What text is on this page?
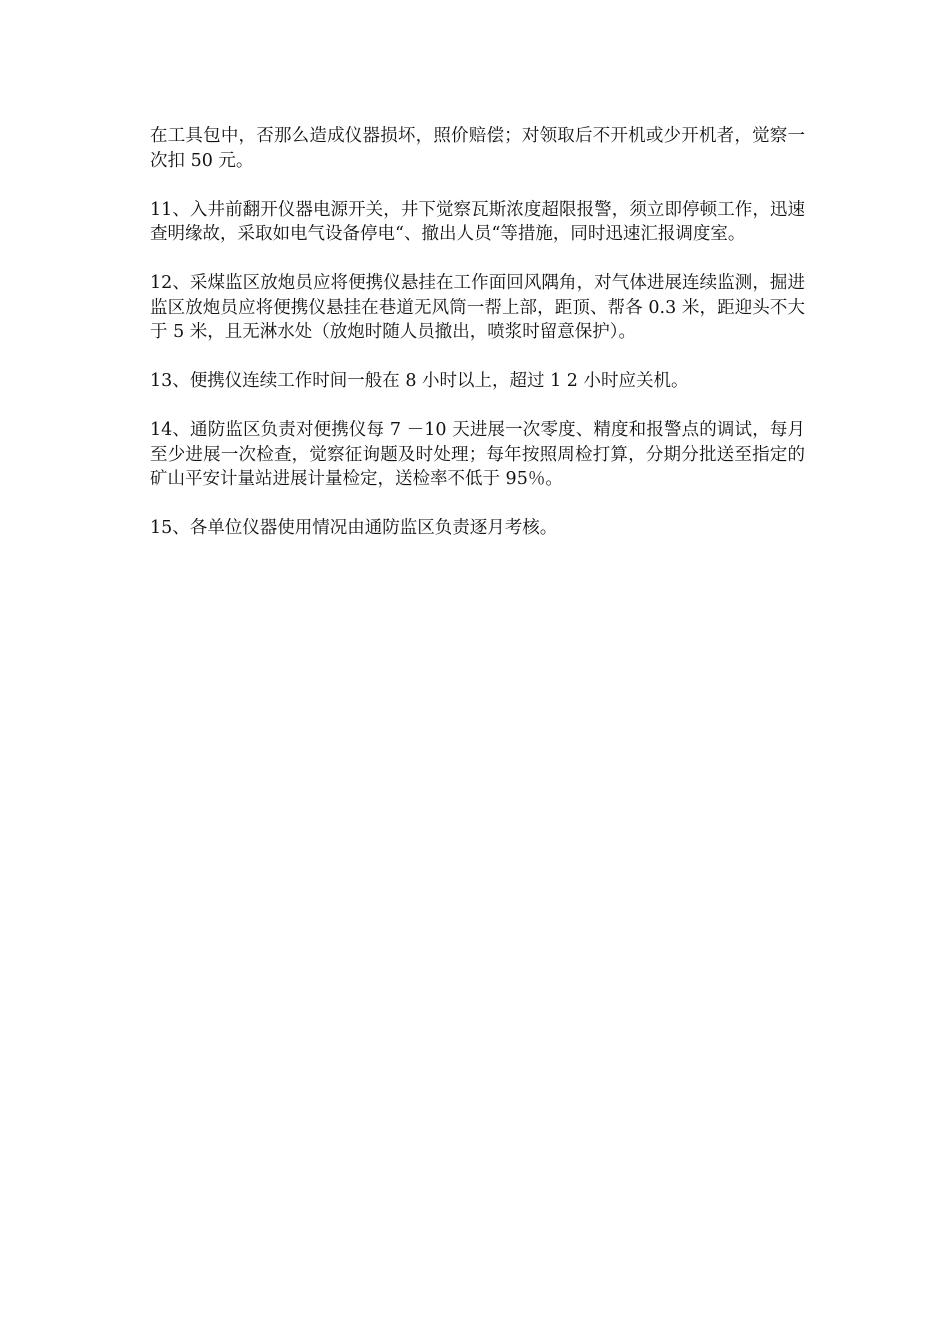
在工具包中，否那么造成仪器损坏，照价赔偿；对领取后不开机或少开机者，觉察一次扣 50 元。

11、入井前翻开仪器电源开关，井下觉察瓦斯浓度超限报警，须立即停顿工作，迅速查明缘故，采取如电气设备停电“、撤出人员“等措施，同时迅速汇报调度室。

12、采煤监区放炮员应将便携仪悬挂在工作面回风隅角，对气体进展连续监测，掘进监区放炮员应将便携仪悬挂在巷道无风筒一帮上部，距顶、帮各 0.3 米，距迎头不大于 5 米，且无淋水处（放炮时随人员撤出，喷浆时留意保护）。

13、便携仪连续工作时间一般在 8 小时以上，超过 1 2 小时应关机。

14、通防监区负责对便携仪每 7 －10 天进展一次零度、精度和报警点的调试，每月至少进展一次检查，觉察征询题及时处理；每年按照周检打算，分期分批送至指定的矿山平安计量站进展计量检定，送检率不低于 95％。

15、各单位仪器使用情况由通防监区负责逐月考核。
